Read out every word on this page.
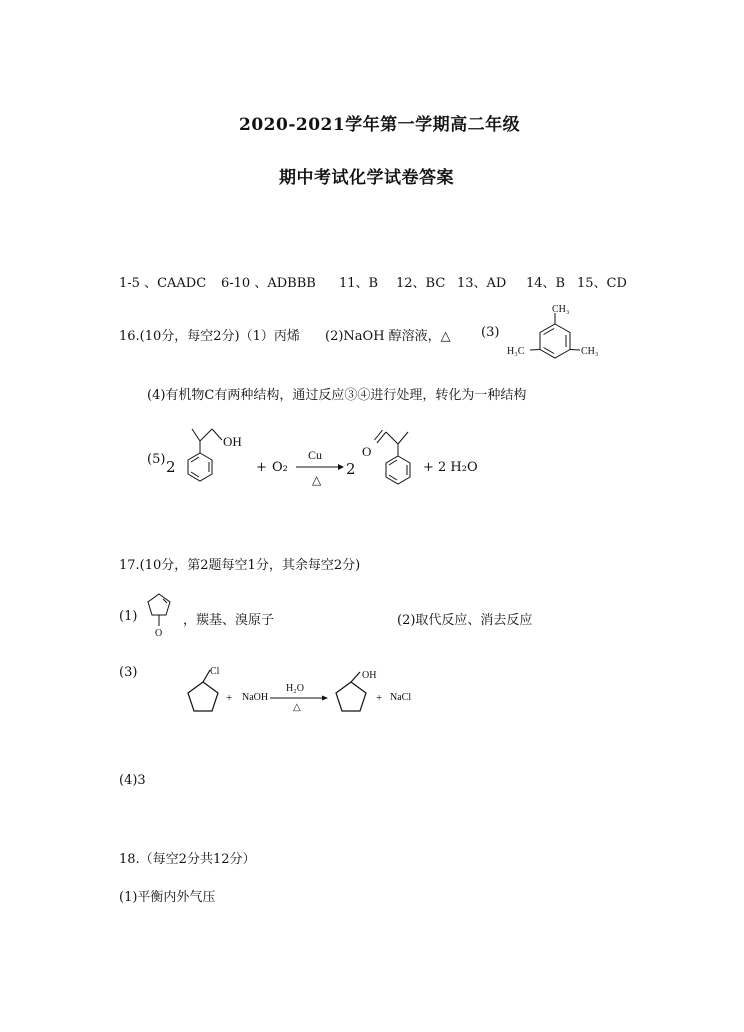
2020-2021学年第一学期高二年级
期中考试化学试卷答案
1-5 、CAADC 6-10 、ADBBB 11、B 12、BC 13、AD 14、B 15、CD
16.(10分，每空2分)（1）丙烯 (2)NaOH 醇溶液，△ (3)
CH₃
H₃C	CH₃
(4)有机物C有两种结构，通过反应③④进行处理，转化为一种结构
(5) 2
OH
+ O₂
Cu
△
2
O
+ 2 H₂O
17.(10分，第2题每空1分，其余每空2分)
(1)
O
，羰基、溴原子	(2)取代反应、消去反应
(3)	Cl
+ NaOH
H₂O
△
OH
+ NaCl
(4)3
18.（每空2分共12分）
(1)平衡内外气压
